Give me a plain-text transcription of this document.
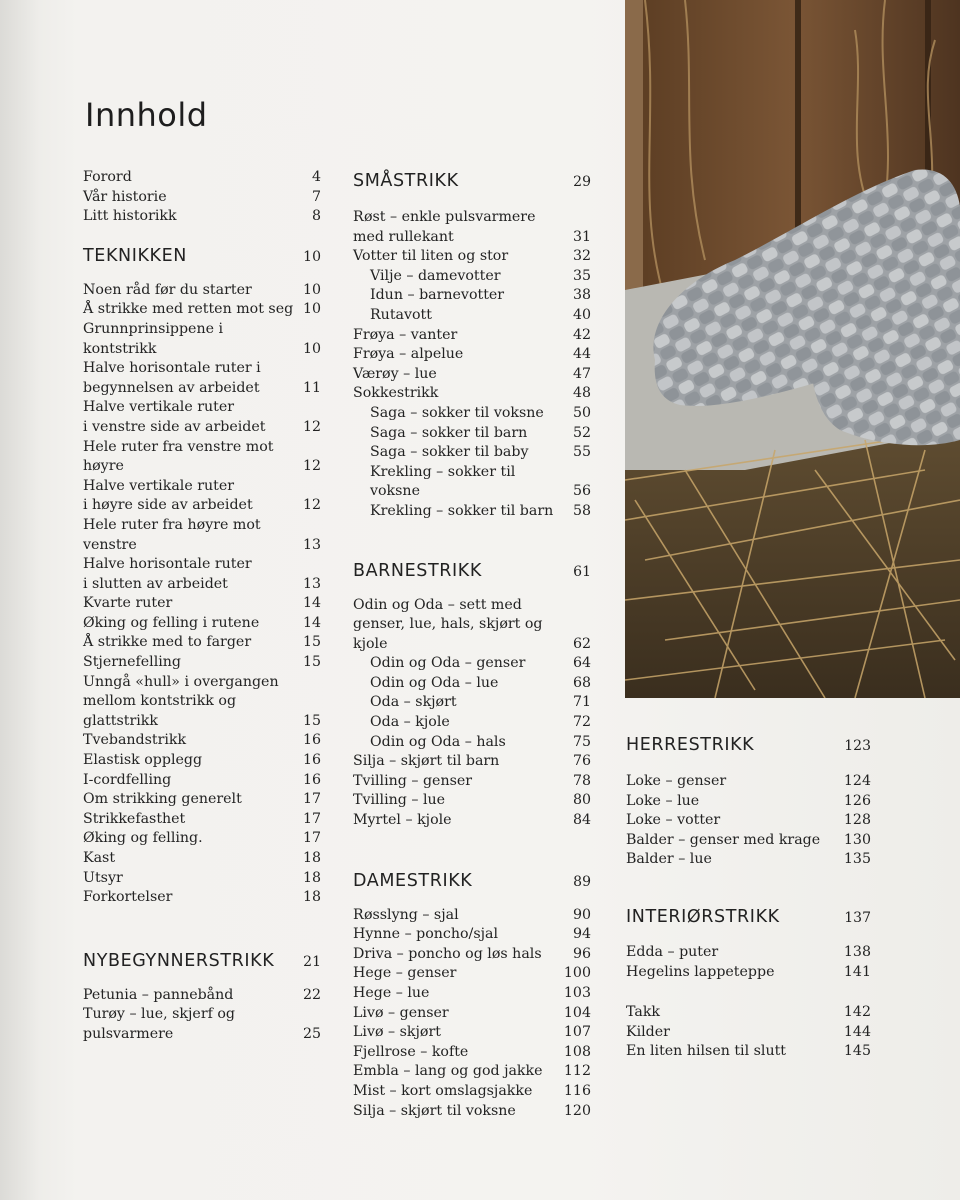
Innhold
Forord	4
Vår historie	7
Litt historikk	8
TEKNIKKEN	10
Noen råd før du starter	10
Å strikke med retten mot seg 10
Grunnprinsippene i kontstrikk	10
Halve horisontale ruter i
begynnelsen av arbeidet	11
Halve vertikale ruter
i venstre side av arbeidet	12
Hele ruter fra venstre mot
høyre	12
Halve vertikale ruter
i høyre side av arbeidet	12
Hele ruter fra høyre mot
venstre	13
Halve horisontale ruter
i slutten av arbeidet	13
Kvarte ruter	14
Øking og felling i rutene	14
Å strikke med to farger	15
Stjernefelling	15
Unngå «hull» i overgangen
mellom kontstrikk og
glattstrikk	15
Tvebandstrikk	16
Elastisk opplegg	16
I-cordfelling	16
Om strikking generelt	17
Strikkefasthet	17
Øking og felling.	17
Kast	18
Utsyr	18
Forkortelser	18
NYBEGYNNERSTRIKK 21
Petunia – pannebånd	22
Turøy – lue, skjerf og
pulsvarmere	25
SMÅSTRIKK	29
Røst – enkle pulsvarmere
med rullekant	31
Votter til liten og stor	32
Vilje – damevotter	35
Idun – barnevotter	38
Rutavott	40
Frøya – vanter	42
Frøya – alpelue	44
Værøy – lue	47
Sokkestrikk	48
Saga – sokker til voksne	50
Saga – sokker til barn	52
Saga – sokker til baby	55
Krekling – sokker til voksne	56
Krekling – sokker til barn	58
BARNESTRIKK	61
Odin og Oda – sett med
genser, lue, hals, skjørt og kjole	62
Odin og Oda – genser	64
Odin og Oda – lue	68
Oda – skjørt	71
Oda – kjole	72
Odin og Oda – hals	75
Silja – skjørt til barn	76
Tvilling – genser	78
Tvilling – lue	80
Myrtel – kjole	84
DAMESTRIKK	89
Røsslyng – sjal	90
Hynne – poncho/sjal	94
Driva – poncho og løs hals	96
Hege – genser	100
Hege – lue	103
Livø – genser	104
Livø – skjørt	107
Fjellrose – kofte	108
Embla – lang og god jakke 112
Mist – kort omslagsjakke 116
Silja – skjørt til voksne	120
HERRESTRIKK	123
Loke – genser	124
Loke – lue	126
Loke – votter	128
Balder – genser med krage 130
Balder – lue	135
INTERIØRSTRIKK	137
Edda – puter	138
Hegelins lappeteppe	141
Takk	142
Kilder	144
En liten hilsen til slutt	145
